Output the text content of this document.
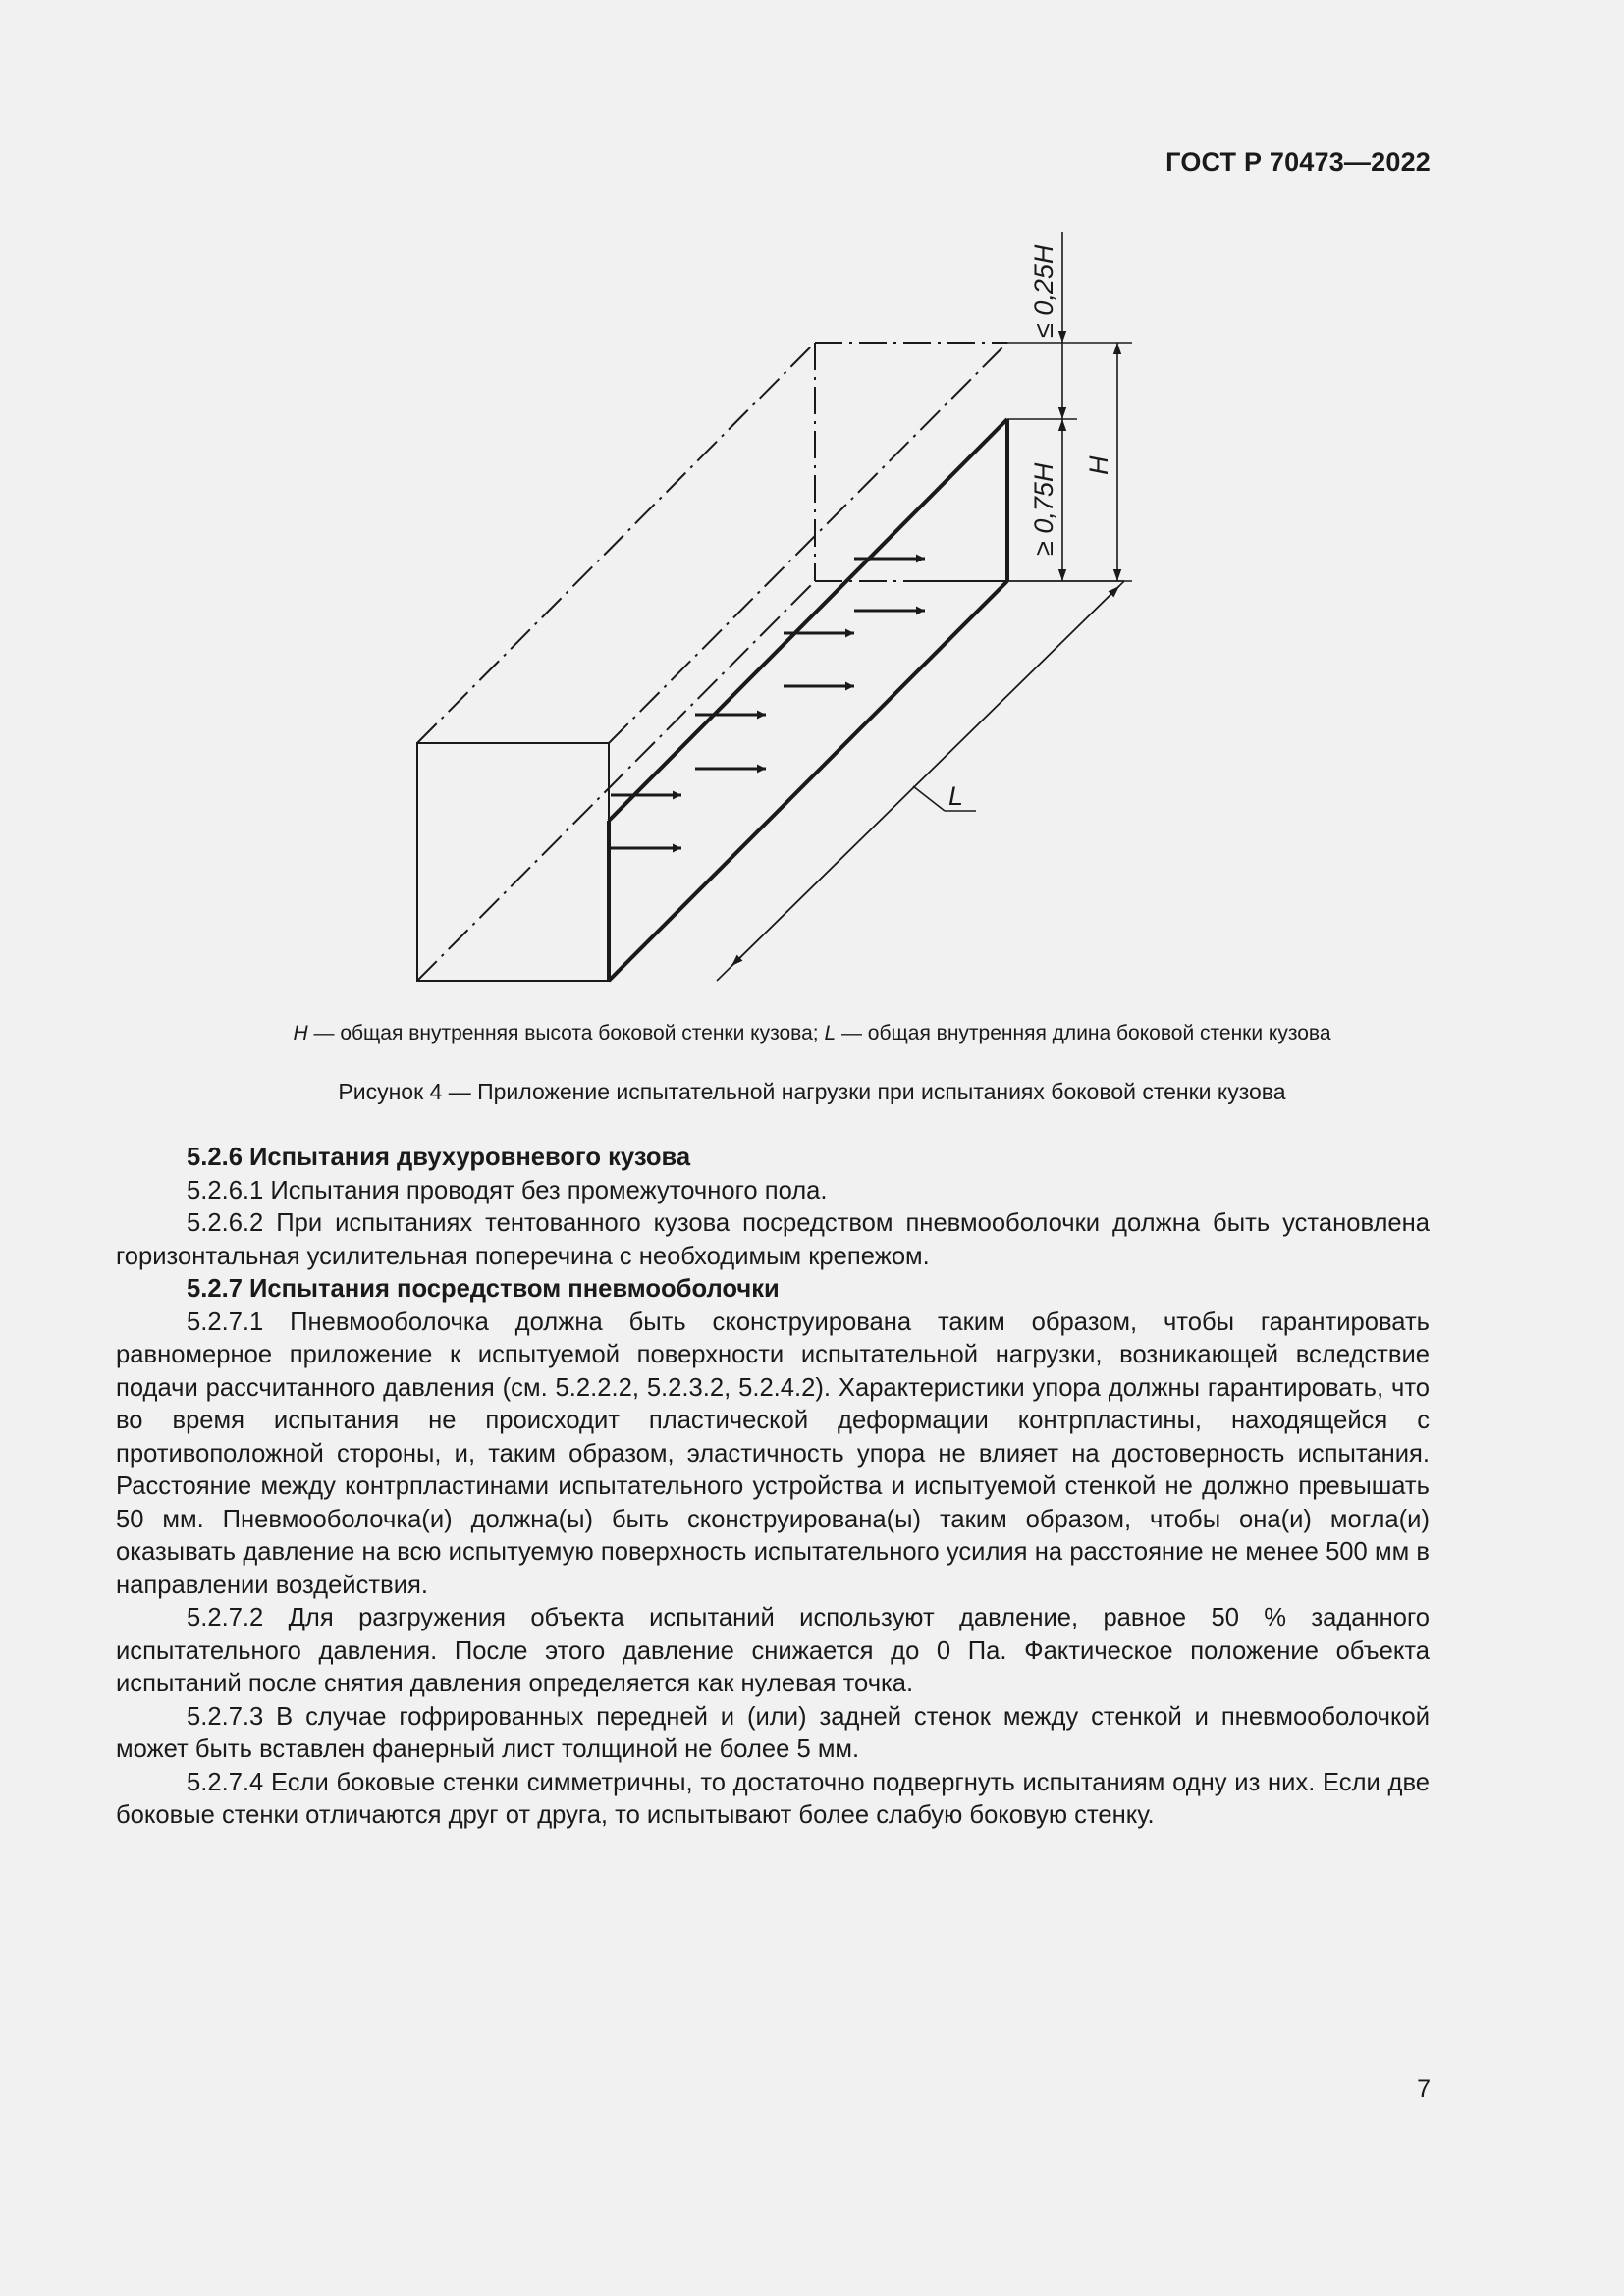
ГОСТ Р 70473—2022
≤ 0,25H
≥ 0,75H H
L
H — общая внутренняя высота боковой стенки кузова; L — общая внутренняя длина боковой стенки кузова
Рисунок 4 — Приложение испытательной нагрузки при испытаниях боковой стенки кузова

5.2.6 Испытания двухуровневого кузова

5.2.6.1 Испытания проводят без промежуточного пола.

5.2.6.2 При испытаниях тентованного кузова посредством пневмооболочки должна быть установлена горизонтальная усилительная поперечина с необходимым крепежом.

5.2.7 Испытания посредством пневмооболочки

5.2.7.1 Пневмооболочка должна быть сконструирована таким образом, чтобы гарантировать равномерное приложение к испытуемой поверхности испытательной нагрузки, возникающей вследствие подачи рассчитанного давления (см. 5.2.2.2, 5.2.3.2, 5.2.4.2). Характеристики упора должны гарантировать, что во время испытания не происходит пластической деформации контрпластины, находящейся с противоположной стороны, и, таким образом, эластичность упора не влияет на достоверность испытания. Расстояние между контрпластинами испытательного устройства и испытуемой стенкой не должно превышать 50 мм. Пневмооболочка(и) должна(ы) быть сконструирована(ы) таким образом, чтобы она(и) могла(и) оказывать давление на всю испытуемую поверхность испытательного усилия на расстояние не менее 500 мм в направлении воздействия.

5.2.7.2 Для разгружения объекта испытаний используют давление, равное 50 % заданного испытательного давления. После этого давление снижается до 0 Па. Фактическое положение объекта испытаний после снятия давления определяется как нулевая точка.

5.2.7.3 В случае гофрированных передней и (или) задней стенок между стенкой и пневмооболочкой может быть вставлен фанерный лист толщиной не более 5 мм.

5.2.7.4 Если боковые стенки симметричны, то достаточно подвергнуть испытаниям одну из них. Если две боковые стенки отличаются друг от друга, то испытывают более слабую боковую стенку.

7
